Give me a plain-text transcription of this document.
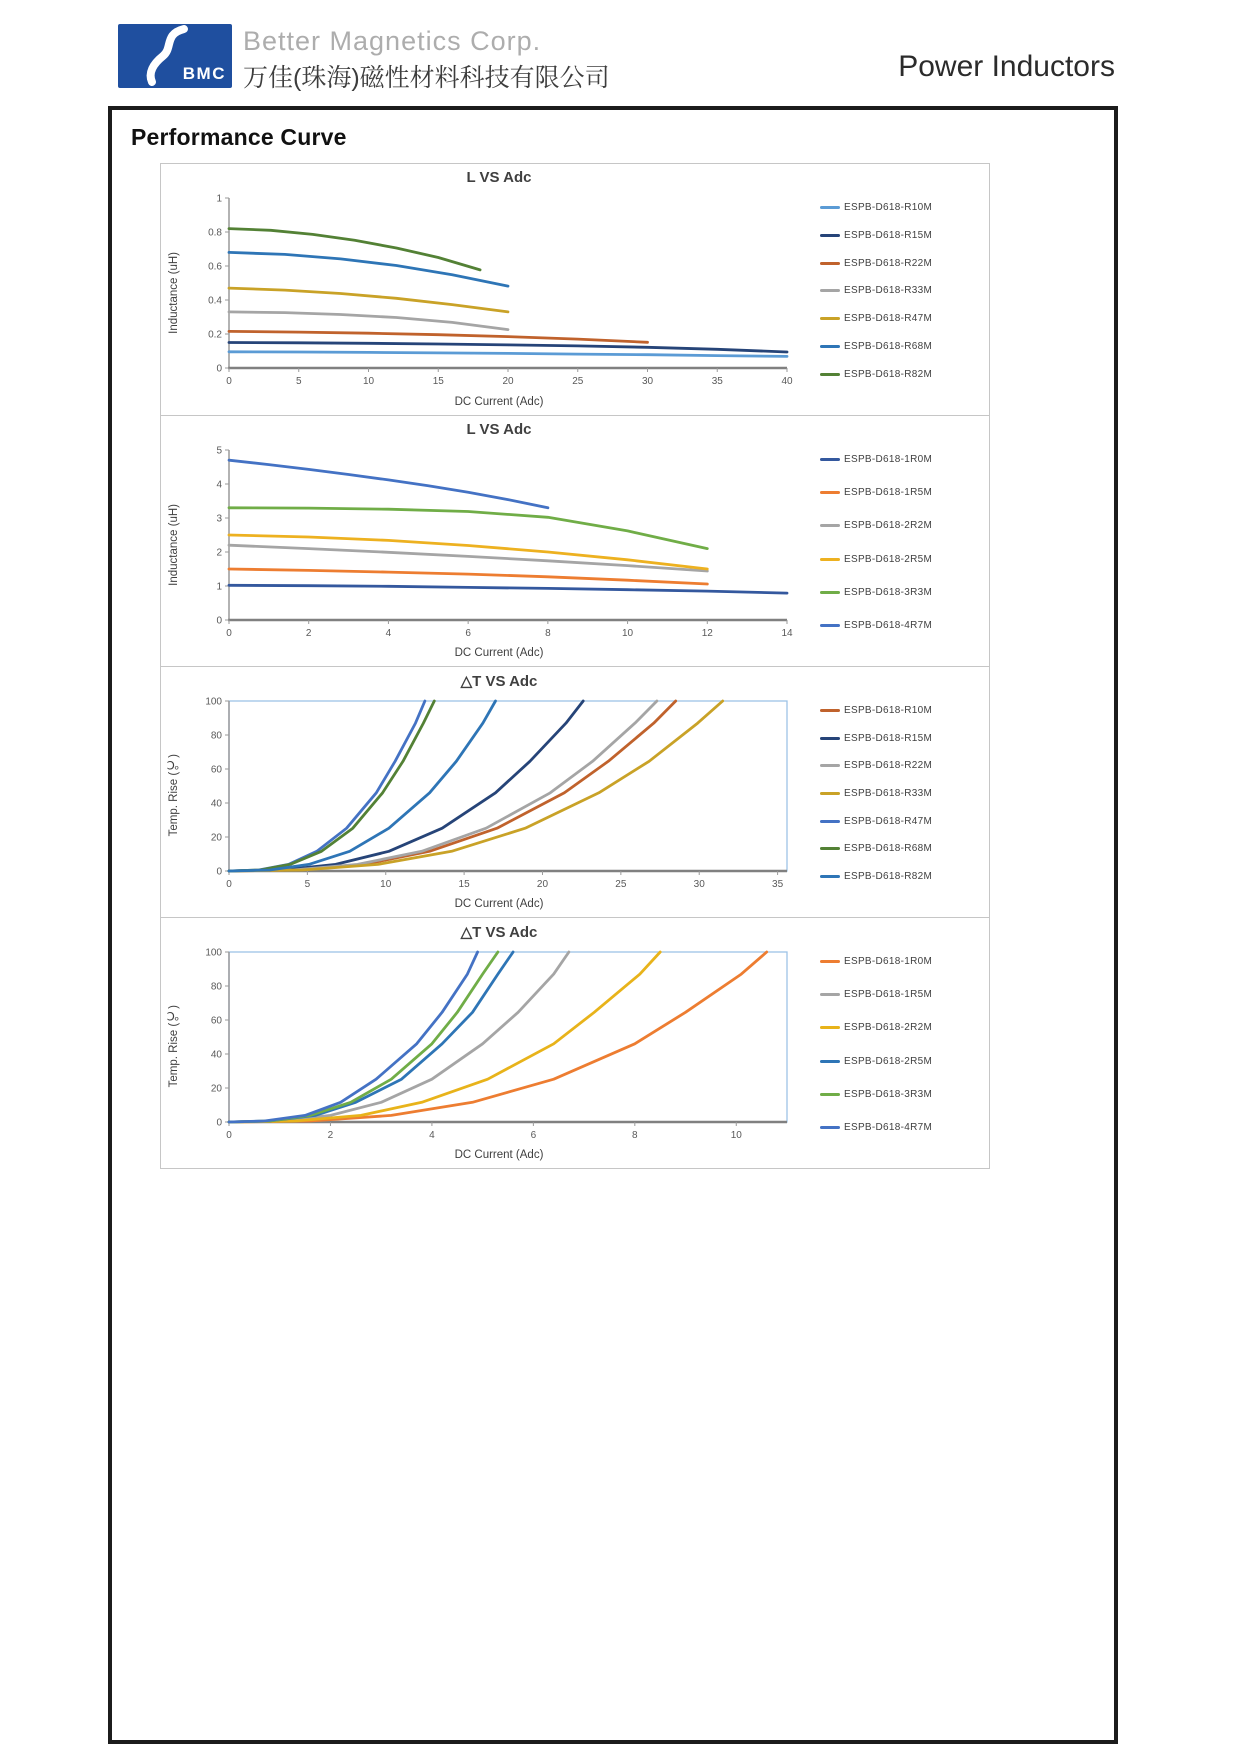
BMC
Better Magnetics Corp.
万佳(珠海)磁性材料科技有限公司	Power Inductors
Performance Curve
L VS Adc
Inductance (uH)
0	5	10	15	20	25	30	35	40
0
0.2
0.4
0.6
0.8
1
ESPB-D618-R10M
ESPB-D618-R15M
ESPB-D618-R22M
ESPB-D618-R33M
ESPB-D618-R47M
ESPB-D618-R68M
ESPB-D618-R82M
DC Current (Adc)
L VS Adc
Inductance (uH)
0	2	4	6	8	10	12	14
0
1
2
3
4
5
ESPB-D618-1R0M
ESPB-D618-1R5M
ESPB-D618-2R2M
ESPB-D618-2R5M
ESPB-D618-3R3M
ESPB-D618-4R7M
DC Current (Adc)
△T VS Adc
Temp. Rise (℃)
0	5	10	15	20	25	30	35
0
20
40
60
80
100
ESPB-D618-R10M
ESPB-D618-R15M
ESPB-D618-R22M
ESPB-D618-R33M
ESPB-D618-R47M
ESPB-D618-R68M
ESPB-D618-R82M
DC Current (Adc)
△T VS Adc
Temp. Rise (℃)
0	2	4	6	8	10
0
20
40
60
80
100
ESPB-D618-1R0M
ESPB-D618-1R5M
ESPB-D618-2R2M
ESPB-D618-2R5M
ESPB-D618-3R3M
ESPB-D618-4R7M
DC Current (Adc)
